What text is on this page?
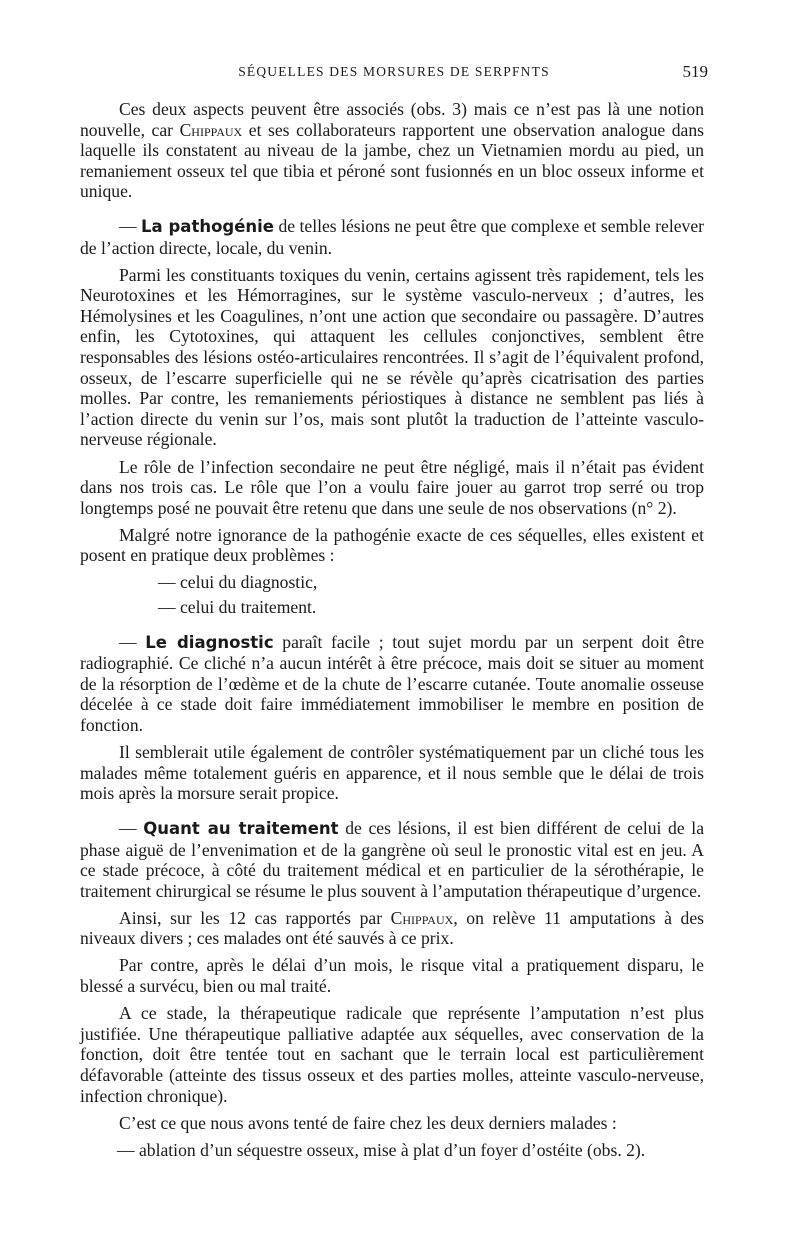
SÉQUELLES DES MORSURES DE SERPFNTS	519

Ces deux aspects peuvent être associés (obs. 3) mais ce n’est pas là une notion nouvelle, car Chippaux et ses collaborateurs rapportent une observation analogue dans laquelle ils constatent au niveau de la jambe, chez un Vietnamien mordu au pied, un remaniement osseux tel que tibia et péroné sont fusionnés en un bloc osseux informe et unique.

— La pathogénie de telles lésions ne peut être que complexe et semble relever de l’action directe, locale, du venin.

Parmi les constituants toxiques du venin, certains agissent très rapidement, tels les Neurotoxines et les Hémorragines, sur le système vasculo-nerveux ; d’autres, les Hémolysines et les Coagulines, n’ont une action que secondaire ou passagère. D’autres enfin, les Cytotoxines, qui attaquent les cellules conjonctives, semblent être responsables des lésions ostéo-articulaires rencontrées. Il s’agit de l’équivalent profond, osseux, de l’escarre superficielle qui ne se révèle qu’après cicatrisation des parties molles. Par contre, les remaniements périostiques à distance ne semblent pas liés à l’action directe du venin sur l’os, mais sont plutôt la traduction de l’atteinte vasculo-nerveuse régionale.

Le rôle de l’infection secondaire ne peut être négligé, mais il n’était pas évident dans nos trois cas. Le rôle que l’on a voulu faire jouer au garrot trop serré ou trop longtemps posé ne pouvait être retenu que dans une seule de nos observations (n° 2).

Malgré notre ignorance de la pathogénie exacte de ces séquelles, elles existent et posent en pratique deux problèmes :

— celui du diagnostic,

— celui du traitement.

— Le diagnostic paraît facile ; tout sujet mordu par un serpent doit être radiographié. Ce cliché n’a aucun intérêt à être précoce, mais doit se situer au moment de la résorption de l’œdème et de la chute de l’escarre cutanée. Toute anomalie osseuse décelée à ce stade doit faire immédiatement immobiliser le membre en position de fonction.

Il semblerait utile également de contrôler systématiquement par un cliché tous les malades même totalement guéris en apparence, et il nous semble que le délai de trois mois après la morsure serait propice.

— Quant au traitement de ces lésions, il est bien différent de celui de la phase aiguë de l’envenimation et de la gangrène où seul le pronostic vital est en jeu. A ce stade précoce, à côté du traitement médical et en particulier de la sérothérapie, le traitement chirurgical se résume le plus souvent à l’amputation thérapeutique d’urgence.

Ainsi, sur les 12 cas rapportés par Chippaux, on relève 11 amputations à des niveaux divers ; ces malades ont été sauvés à ce prix.

Par contre, après le délai d’un mois, le risque vital a pratiquement disparu, le blessé a survécu, bien ou mal traité.

A ce stade, la thérapeutique radicale que représente l’amputation n’est plus justifiée. Une thérapeutique palliative adaptée aux séquelles, avec conservation de la fonction, doit être tentée tout en sachant que le terrain local est particulièrement défavorable (atteinte des tissus osseux et des parties molles, atteinte vasculo-nerveuse, infection chronique).

C’est ce que nous avons tenté de faire chez les deux derniers malades :

— ablation d’un séquestre osseux, mise à plat d’un foyer d’ostéite (obs. 2).
